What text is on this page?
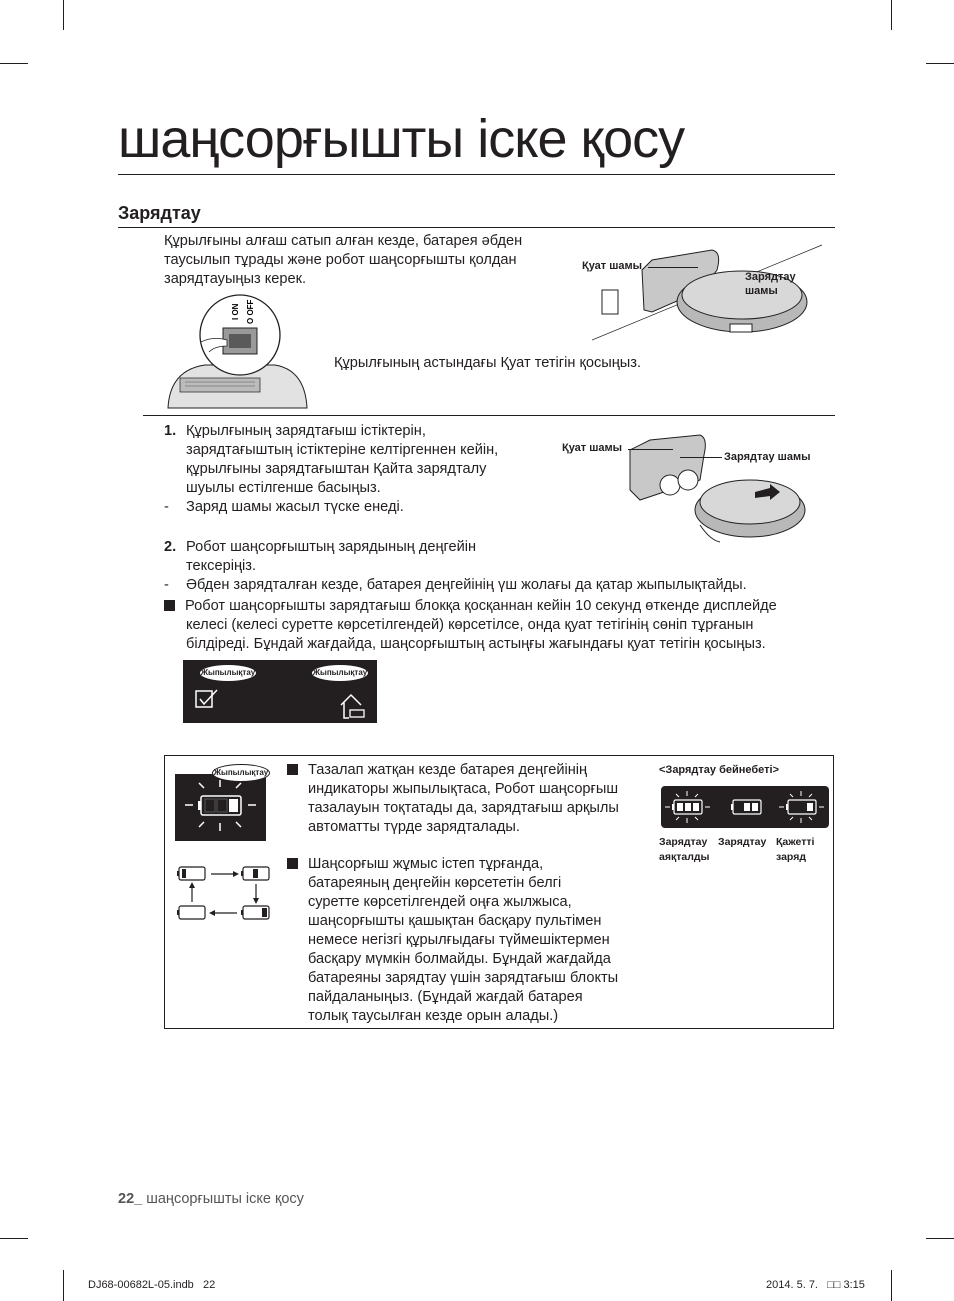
шаңсорғышты іске қосу
Зарядтау
Құрылғыны алғаш сатып алған кезде, батарея әбден
таусылып тұрады және робот шаңсорғышты қолдан
зарядтауыңыз керек.
I ON O OFF
Құрылғының астындағы Қуат тетігін қосыңыз.
Қуат шамы
Зарядтау
шамы
1. Құрылғының зарядтағыш істіктерін,
зарядтағыштың істіктеріне келтіргеннен кейін,
құрылғыны зарядтағыштан Қайта зарядталу
шуылы естілгенше басыңыз.
- Заряд шамы жасыл түске енеді.
Қуат шамы
Зарядтау шамы
2. Робот шаңсорғыштың зарядының деңгейін
тексеріңіз.
- Әбден зарядталған кезде, батарея деңгейінің үш жолағы да қатар жыпылықтайды.
Робот шаңсорғышты зарядтағыш блокқа қосқаннан кейін 10 секунд өткенде дисплейде
келесі (келесі суретте көрсетілгендей) көрсетілсе, онда қуат тетігінің сөніп тұрғанын
білдіреді. Бұндай жағдайда, шаңсорғыштың астыңғы жағындағы қуат тетігін қосыңыз.
Жыпылықтау	Жыпылықтау
Жыпылықтау	Тазалап жатқан кезде батарея деңгейінің
индикаторы жыпылықтаса, Робот шаңсорғыш
тазалауын тоқтатады да, зарядтағыш арқылы
автоматты түрде зарядталады.
Шаңсорғыш жұмыс істеп тұрғанда,
батареяның деңгейін көрсететін белгі
суретте көрсетілгендей оңға жылжыса,
шаңсорғышты қашықтан басқару пультімен
немесе негізгі құрылғыдағы түймешіктермен
басқару мүмкін болмайды. Бұндай жағдайда
батареяны зарядтау үшін зарядтағыш блокты
пайдаланыңыз. (Бұндай жағдай батарея
толық таусылған кезде орын алады.)
<Зарядтау бейнебеті>
Зарядтау
аяқталды
Зарядтау Қажетті
заряд
22_ шаңсорғышты іске қосу
DJ68-00682L-05.indb   22	2014. 5. 7.   □□ 3:15
